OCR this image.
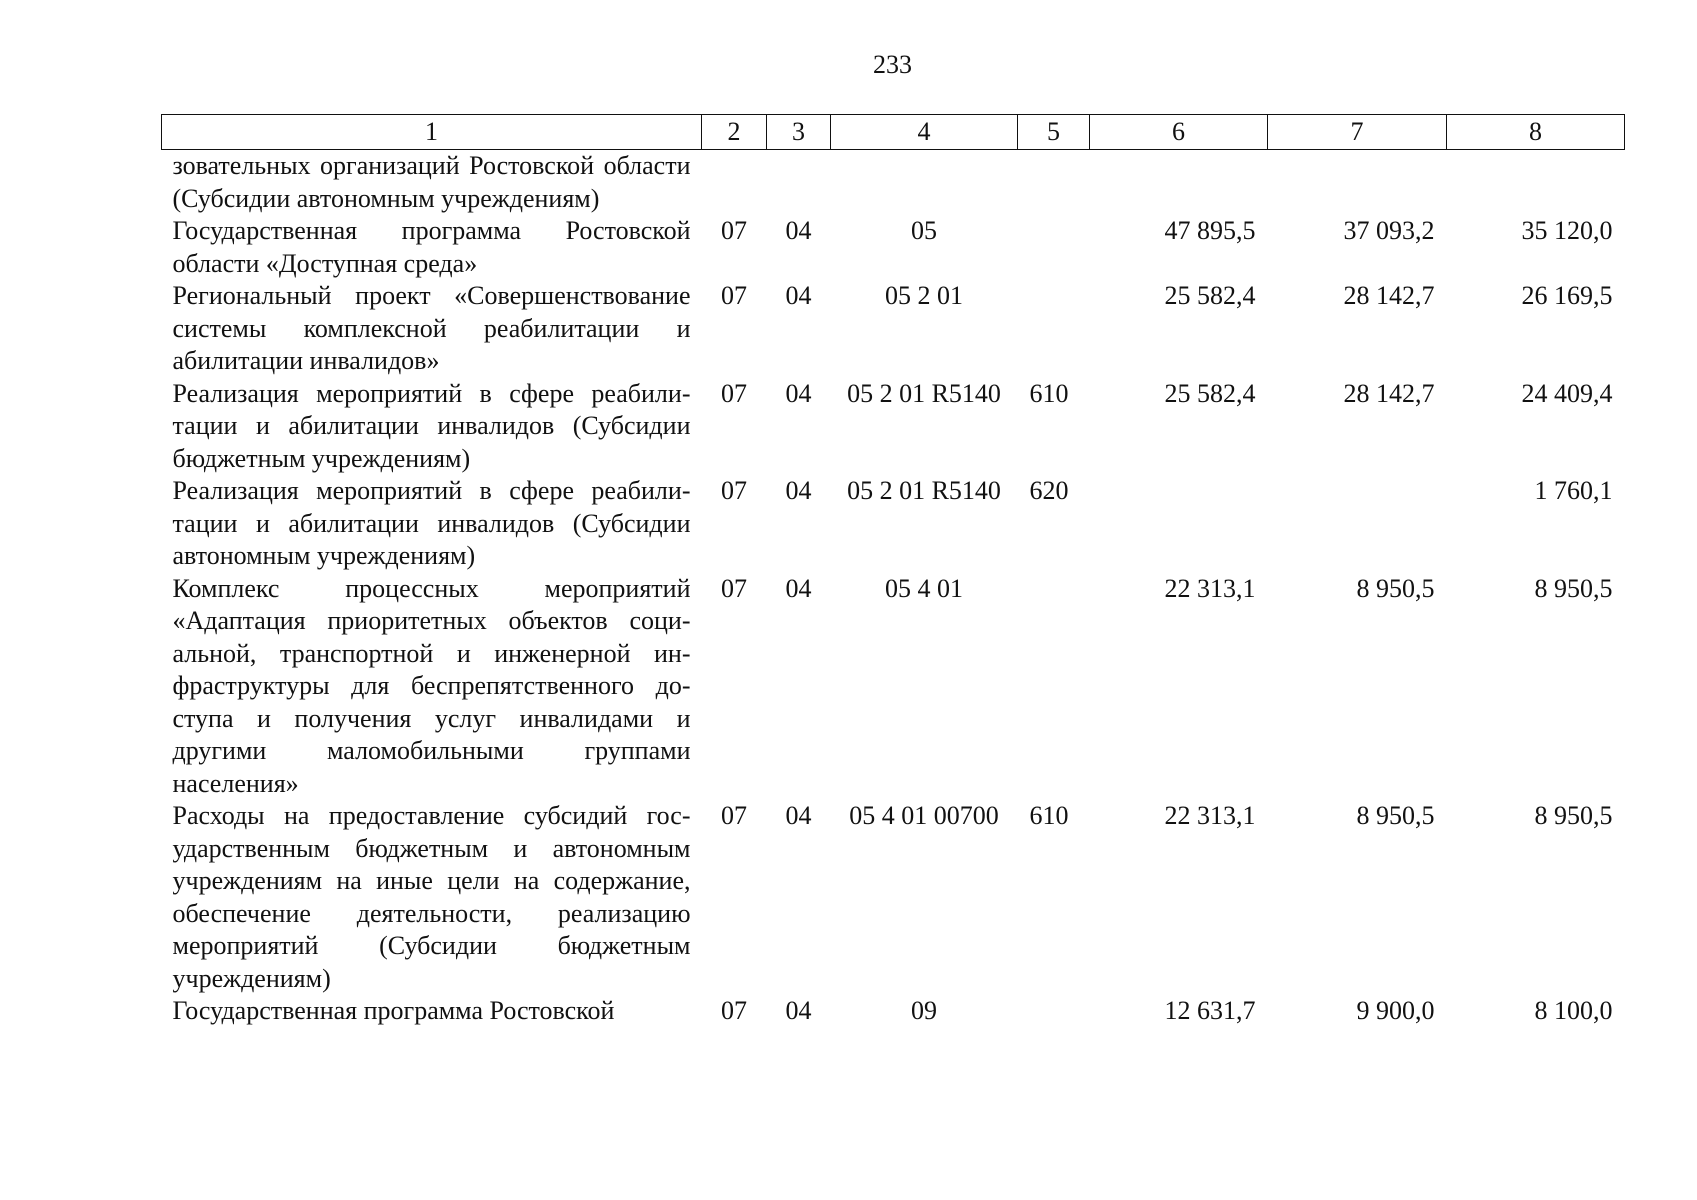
233
1	2	3	4	5	6	7	8
зовательных организаций Ростовской области (Субсидии автономным учреждениям)							
Государственная программа Ростовской области «Доступная среда»	07	04	05		47 895,5	37 093,2	35 120,0
Региональный проект «Совершенствование системы комплексной реабилитации и абилитации инвалидов»	07	04	05 2 01		25 582,4	28 142,7	26 169,5
Реализация мероприятий в сфере реабилитации и абилитации инвалидов (Субсидии бюджетным учреждениям)	07	04	05 2 01 R5140	610	25 582,4	28 142,7	24 409,4
Реализация мероприятий в сфере реабилитации и абилитации инвалидов (Субсидии автономным учреждениям)	07	04	05 2 01 R5140	620			1 760,1
Комплекс процессных мероприятий «Адаптация приоритетных объектов социальной, транспортной и инженерной инфраструктуры для беспрепятственного доступа и получения услуг инвалидами и другими маломобильными группами населения»	07	04	05 4 01		22 313,1	8 950,5	8 950,5
Расходы на предоставление субсидий государственным бюджетным и автономным учреждениям на иные цели на содержание, обеспечение деятельности, реализацию мероприятий (Субсидии бюджетным учреждениям)	07	04	05 4 01 00700	610	22 313,1	8 950,5	8 950,5
Государственная программа Ростовской	07	04	09		12 631,7	9 900,0	8 100,0
